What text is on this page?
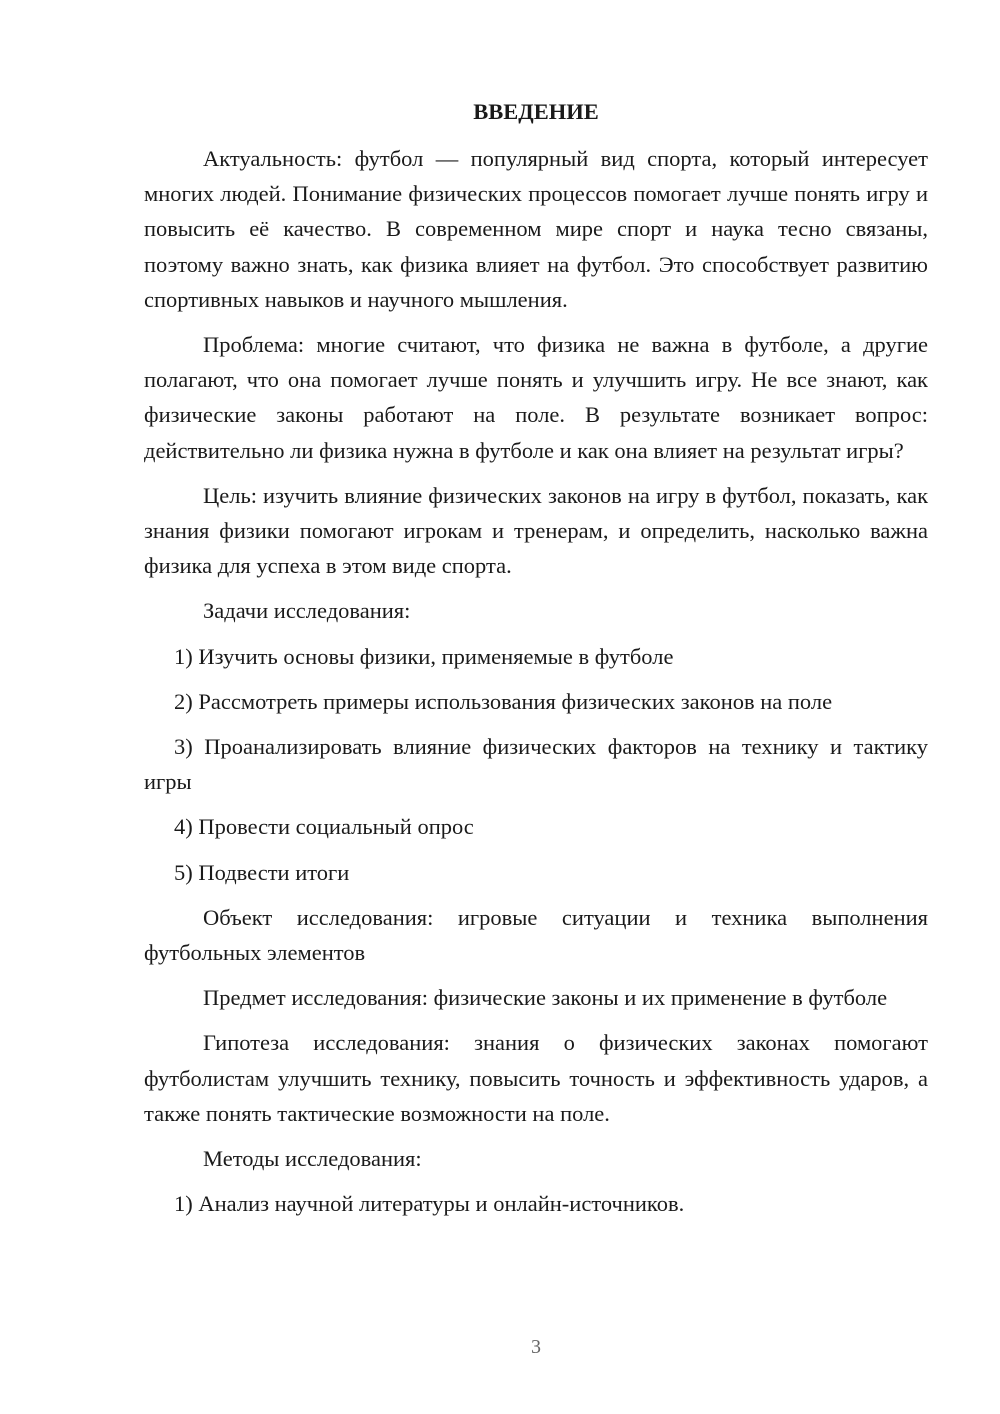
ВВЕДЕНИЕ

Актуальность: футбол — популярный вид спорта, который интересует многих людей. Понимание физических процессов помогает лучше понять игру и повысить её качество. В современном мире спорт и наука тесно связаны, поэтому важно знать, как физика влияет на футбол. Это способствует развитию спортивных навыков и научного мышления.

Проблема: многие считают, что физика не важна в футболе, а другие полагают, что она помогает лучше понять и улучшить игру. Не все знают, как физические законы работают на поле. В результате возникает вопрос: действительно ли физика нужна в футболе и как она влияет на результат игры?

Цель: изучить влияние физических законов на игру в футбол, показать, как знания физики помогают игрокам и тренерам, и определить, насколько важна физика для успеха в этом виде спорта.

Задачи исследования:

1) Изучить основы физики, применяемые в футболе

2) Рассмотреть примеры использования физических законов на поле

3) Проанализировать влияние физических факторов на технику и тактику игры

4) Провести социальный опрос

5) Подвести итоги

Объект исследования: игровые ситуации и техника выполнения футбольных элементов

Предмет исследования: физические законы и их применение в футболе

Гипотеза исследования: знания о физических законах помогают футболистам улучшить технику, повысить точность и эффективность ударов, а также понять тактические возможности на поле.

Методы исследования:

1) Анализ научной литературы и онлайн-источников.

3
